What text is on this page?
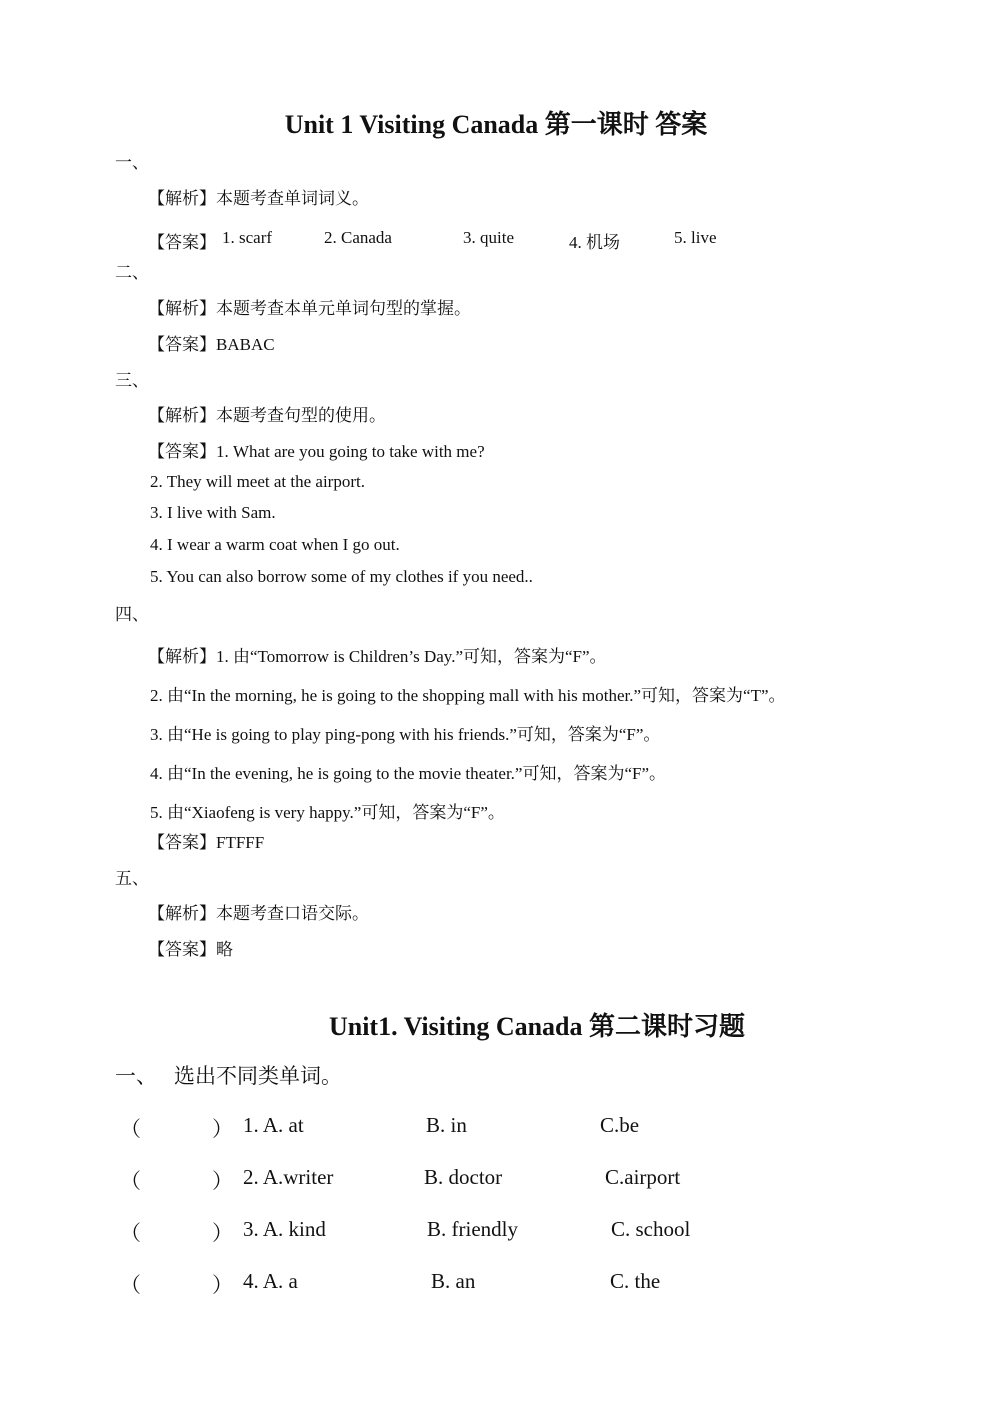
Unit 1 Visiting Canada 第一课时 答案
一、
【解析】本题考查单词词义。
【答案】 1. scarf	2. Canada	3. quite	4. 机场	5. live
二、
【解析】本题考查本单元单词句型的掌握。
【答案】BABAC
三、
【解析】本题考查句型的使用。
【答案】1. What are you going to take with me?
2. They will meet at the airport.
3. I live with Sam.
4. I wear a warm coat when I go out.
5. You can also borrow some of my clothes if you need..
四、
【解析】1. 由“Tomorrow is Children’s Day.”可知，答案为“F”。
2. 由“In the morning, he is going to the shopping mall with his mother.”可知，答案为“T”。
3. 由“He is going to play ping-pong with his friends.”可知，答案为“F”。
4. 由“In the evening, he is going to the movie theater.”可知，答案为“F”。
5. 由“Xiaofeng is very happy.”可知，答案为“F”。
【答案】FTFFF
五、
【解析】本题考查口语交际。
【答案】略
Unit1. Visiting Canada 第二课时习题
一、 选出不同类单词。
（	） 1. A. at	B. in	C.be
（	） 2. A.writer	B. doctor	C.airport
（	） 3. A. kind	B. friendly	C. school
（	） 4. A. a	B. an	C. the
